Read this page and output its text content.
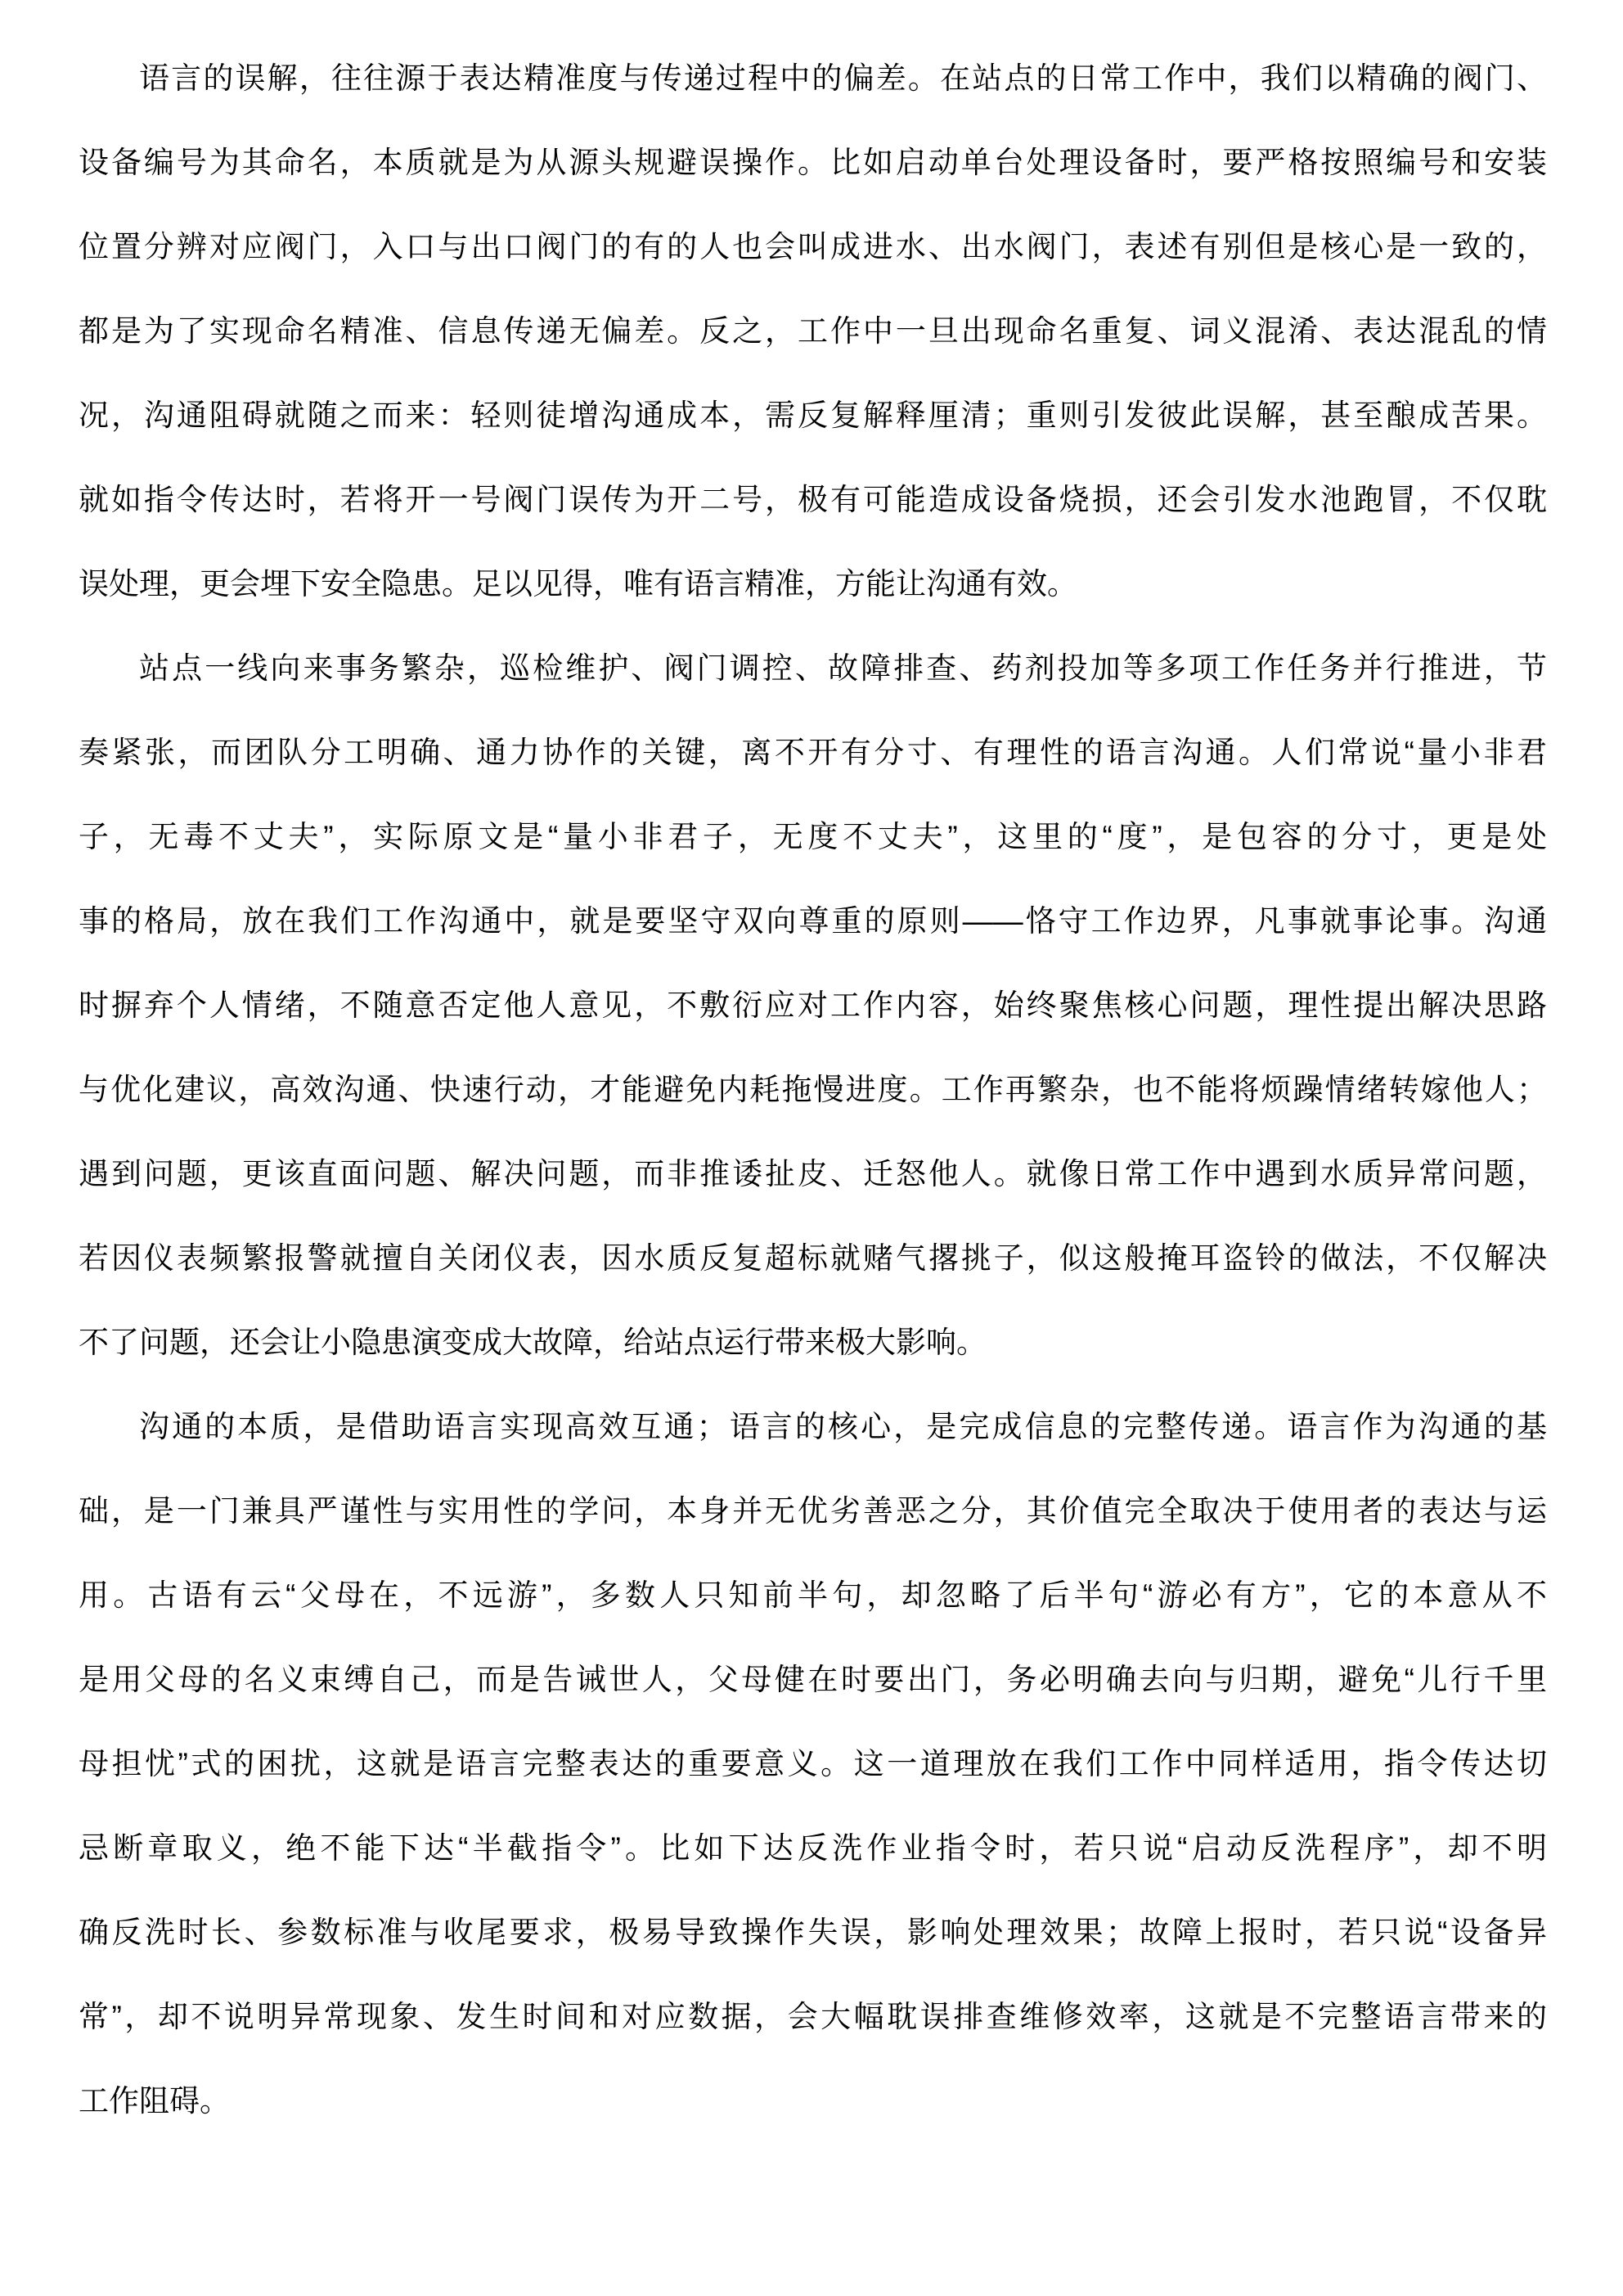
语言的误解，往往源于表达精准度与传递过程中的偏差。在站点的日常工作中，我们以精确的阀门、
设备编号为其命名，本质就是为从源头规避误操作。比如启动单台处理设备时，要严格按照编号和安装
位置分辨对应阀门，入口与出口阀门的有的人也会叫成进水、出水阀门，表述有别但是核心是一致的，
都是为了实现命名精准、信息传递无偏差。反之，工作中一旦出现命名重复、词义混淆、表达混乱的情
况，沟通阻碍就随之而来：轻则徒增沟通成本，需反复解释厘清；重则引发彼此误解，甚至酿成苦果。
就如指令传达时，若将开一号阀门误传为开二号，极有可能造成设备烧损，还会引发水池跑冒，不仅耽
误处理，更会埋下安全隐患。足以见得，唯有语言精准，方能让沟通有效。
站点一线向来事务繁杂，巡检维护、阀门调控、故障排查、药剂投加等多项工作任务并行推进，节
奏紧张，而团队分工明确、通力协作的关键，离不开有分寸、有理性的语言沟通。人们常说“量小非君
子，无毒不丈夫”，实际原文是“量小非君子，无度不丈夫”，这里的“度”，是包容的分寸，更是处
事的格局，放在我们工作沟通中，就是要坚守双向尊重的原则——恪守工作边界，凡事就事论事。沟通
时摒弃个人情绪，不随意否定他人意见，不敷衍应对工作内容，始终聚焦核心问题，理性提出解决思路
与优化建议，高效沟通、快速行动，才能避免内耗拖慢进度。工作再繁杂，也不能将烦躁情绪转嫁他人；
遇到问题，更该直面问题、解决问题，而非推诿扯皮、迁怒他人。就像日常工作中遇到水质异常问题，
若因仪表频繁报警就擅自关闭仪表，因水质反复超标就赌气撂挑子，似这般掩耳盗铃的做法，不仅解决
不了问题，还会让小隐患演变成大故障，给站点运行带来极大影响。
沟通的本质，是借助语言实现高效互通；语言的核心，是完成信息的完整传递。语言作为沟通的基
础，是一门兼具严谨性与实用性的学问，本身并无优劣善恶之分，其价值完全取决于使用者的表达与运
用。古语有云“父母在，不远游”，多数人只知前半句，却忽略了后半句“游必有方”，它的本意从不
是用父母的名义束缚自己，而是告诫世人，父母健在时要出门，务必明确去向与归期，避免“儿行千里
母担忧”式的困扰，这就是语言完整表达的重要意义。这一道理放在我们工作中同样适用，指令传达切
忌断章取义，绝不能下达“半截指令”。比如下达反洗作业指令时，若只说“启动反洗程序”，却不明
确反洗时长、参数标准与收尾要求，极易导致操作失误，影响处理效果；故障上报时，若只说“设备异
常”，却不说明异常现象、发生时间和对应数据，会大幅耽误排查维修效率，这就是不完整语言带来的
工作阻碍。
